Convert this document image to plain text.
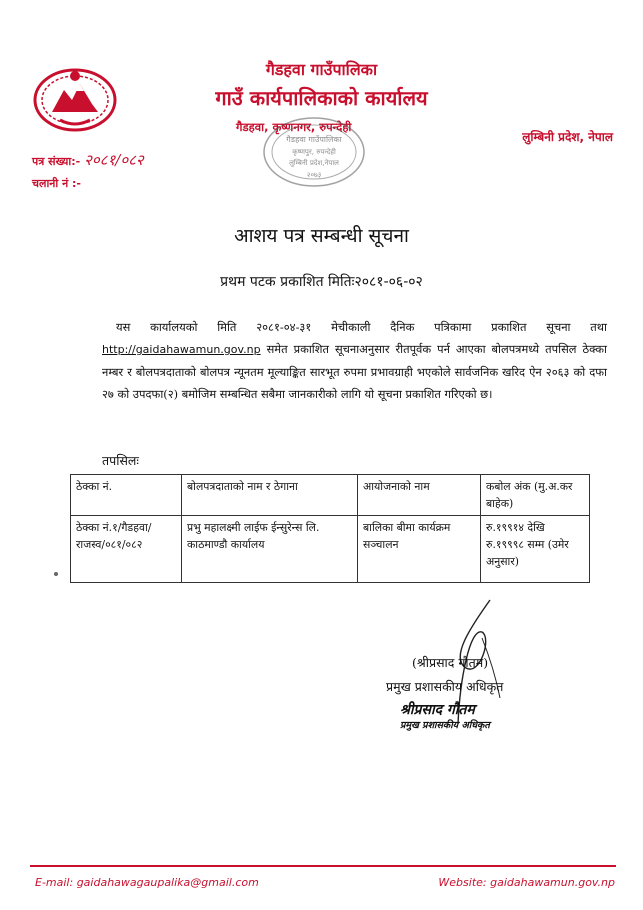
गैडहवा गाउँपालिका
गाउँ कार्यपालिकाको कार्यालय
गैडहवा, कृष्णनगर, रुपन्देही
लुम्बिनी प्रदेश, नेपाल
गैडहवा गाउँपालिका
कृष्णपुर, रुपन्देही
लुम्बिनी प्रदेश,नेपाल
२०७३
पत्र संख्या:- २०८१/०८२
चलानी नं :-
आशय पत्र सम्बन्धी सूचना
प्रथम पटक प्रकाशित मितिः२०८१-०६-०२
यस कार्यालयको मिति २०८१-०४-३१ मेचीकाली दैनिक पत्रिकामा प्रकाशित सूचना तथा http://gaidahawamun.gov.np समेत प्रकाशित सूचनाअनुसार रीतपूर्वक पर्न आएका बोलपत्रमध्ये तपसिल ठेक्का नम्बर र बोलपत्रदाताको बोलपत्र न्यूनतम मूल्याङ्कित सारभूत रुपमा प्रभावग्राही भएकोले सार्वजनिक खरिद ऐन २०६३ को दफा २७ को उपदफा(२) बमोजिम सम्बन्धित सबैमा जानकारीको लागि यो सूचना प्रकाशित गरिएको छ।
तपसिलः
ठेक्का नं.	बोलपत्रदाताको नाम र ठेगाना	आयोजनाको नाम	कबोल अंक (मु.अ.कर बाहेक)
ठेक्का नं.१/गैडहवा/राजस्व/०८१/०८२	प्रभु महालक्ष्मी लाईफ ईन्सुरेन्स लि. काठमाण्डौ कार्यालय	बालिका बीमा कार्यक्रम सञ्चालन	रु.१९९१४ देखि रु.१९९९८ सम्म (उमेर अनुसार)
(श्रीप्रसाद गौतम)
प्रमुख प्रशासकीय अधिकृत
श्रीप्रसाद गौतम
प्रमुख प्रशासकीय अधिकृत
E-mail: gaidahawagaupalika@gmail.com	Website: gaidahawamun.gov.np
